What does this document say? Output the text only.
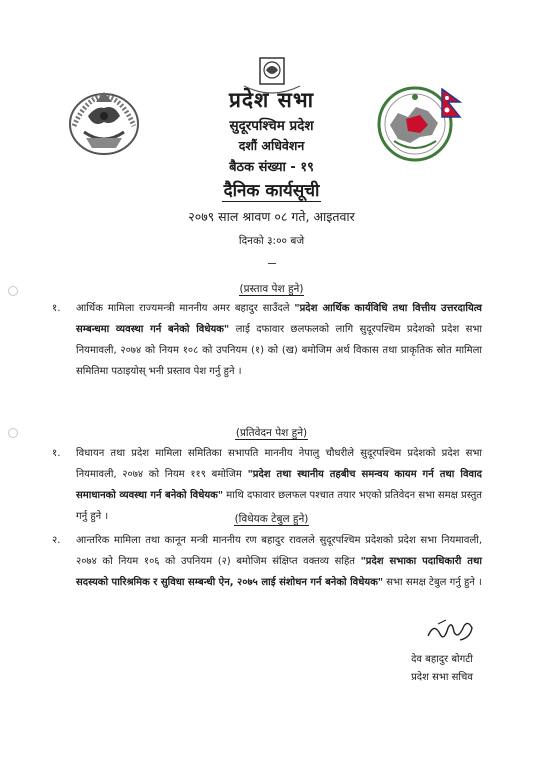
प्रदेश सभा
सुदूरपश्चिम प्रदेश
दशौं अधिवेशन
बैठक संख्या - १९
दैनिक कार्यसूची
२०७९ साल श्रावण ०८ गते, आइतवार
दिनको ३:०० बजे
(प्रस्ताव पेश हुने)
१.	आर्थिक मामिला राज्यमन्त्री माननीय अमर बहादुर साउँदले "प्रदेश आर्थिक कार्यविधि तथा वित्तीय उत्तरदायित्व सम्बन्धमा व्यवस्था गर्न बनेको विधेयक" लाई दफावार छलफलको लागि सुदूरपश्चिम प्रदेशको प्रदेश सभा नियमावली, २०७४ को नियम १०८ को उपनियम (१) को (ख) बमोजिम अर्थ विकास तथा प्राकृतिक स्रोत मामिला समितिमा पठाइयोस् भनी प्रस्ताव पेश गर्नु हुने ।
(प्रतिवेदन पेश हुने)
१.	विधायन तथा प्रदेश मामिला समितिका सभापति माननीय नेपालु चौधरीले सुदूरपश्चिम प्रदेशको प्रदेश सभा नियमावली, २०७४ को नियम ११९ बमोजिम "प्रदेश तथा स्थानीय तहबीच समन्वय कायम गर्न तथा विवाद समाधानको व्यवस्था गर्न बनेको विधेयक" माथि दफावार छलफल पश्चात तयार भएको प्रतिवेदन सभा समक्ष प्रस्तुत गर्नु हुने ।	(विधेयक टेबुल हुने)
२.	आन्तरिक मामिला तथा कानून मन्त्री माननीय रण बहादुर रावलले सुदूरपश्चिम प्रदेशको प्रदेश सभा नियमावली, २०७४ को नियम १०६ को उपनियम (२) बमोजिम संक्षिप्त वक्तव्य सहित "प्रदेश सभाका पदाधिकारी तथा सदस्यको पारिश्रमिक र सुविधा सम्बन्धी ऐन, २०७५ लाई संशोधन गर्न बनेको विधेयक" सभा समक्ष टेबुल गर्नु हुने ।
देव बहादुर बोगटी
प्रदेश सभा सचिव
